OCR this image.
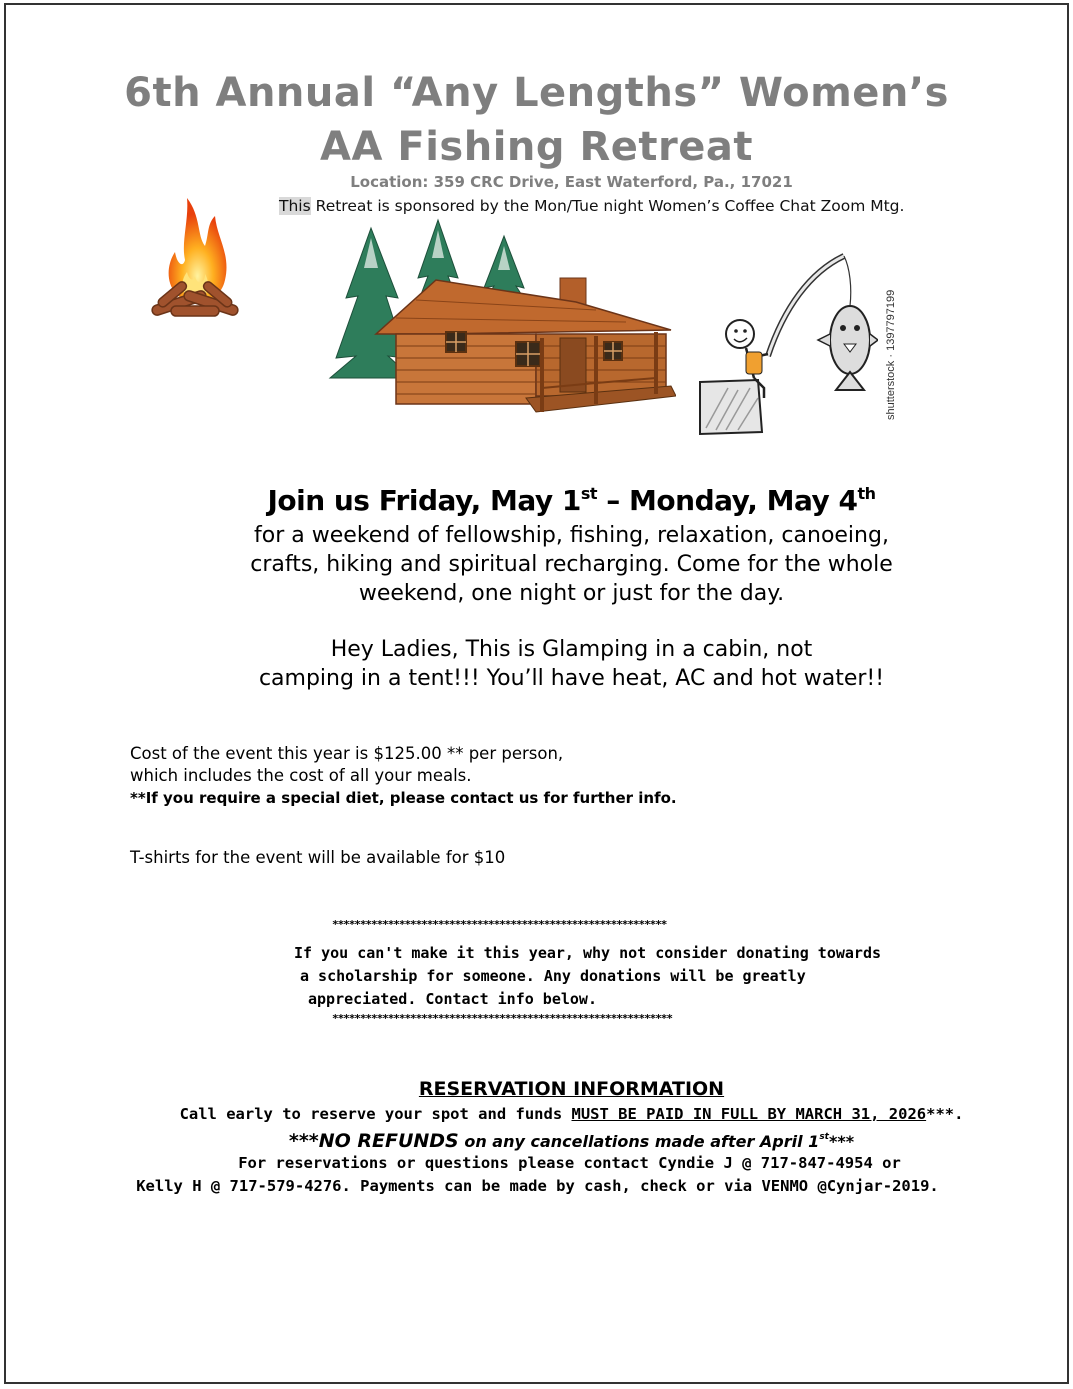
6th Annual “Any Lengths” Women’s
AA Fishing Retreat
Location: 359 CRC Drive, East Waterford, Pa., 17021
This Retreat is sponsored by the Mon/Tue night Women’s Coffee Chat Zoom Mtg.
shutterstock · 1397797199
Join us Friday, May 1st – Monday, May 4th
for a weekend of fellowship, fishing, relaxation, canoeing,
crafts, hiking and spiritual recharging. Come for the whole
weekend, one night or just for the day.
Hey Ladies, This is Glamping in a cabin, not
camping in a tent!!! You’ll have heat, AC and hot water!!
Cost of the event this year is $125.00 ** per person,
which includes the cost of all your meals.
**If you require a special diet, please contact us for further info.
T-shirts for the event will be available for $10
************************************************************
If you can't make it this year, why not consider donating towards
a scholarship for someone. Any donations will be greatly
appreciated. Contact info below.
*************************************************************
RESERVATION INFORMATION
Call early to reserve your spot and funds MUST BE PAID IN FULL BY MARCH 31, 2026***.
***NO REFUNDS on any cancellations made after April 1st***
For reservations or questions please contact Cyndie J @ 717-847-4954 or
Kelly H @ 717-579-4276. Payments can be made by cash, check or via VENMO @Cynjar-2019.
